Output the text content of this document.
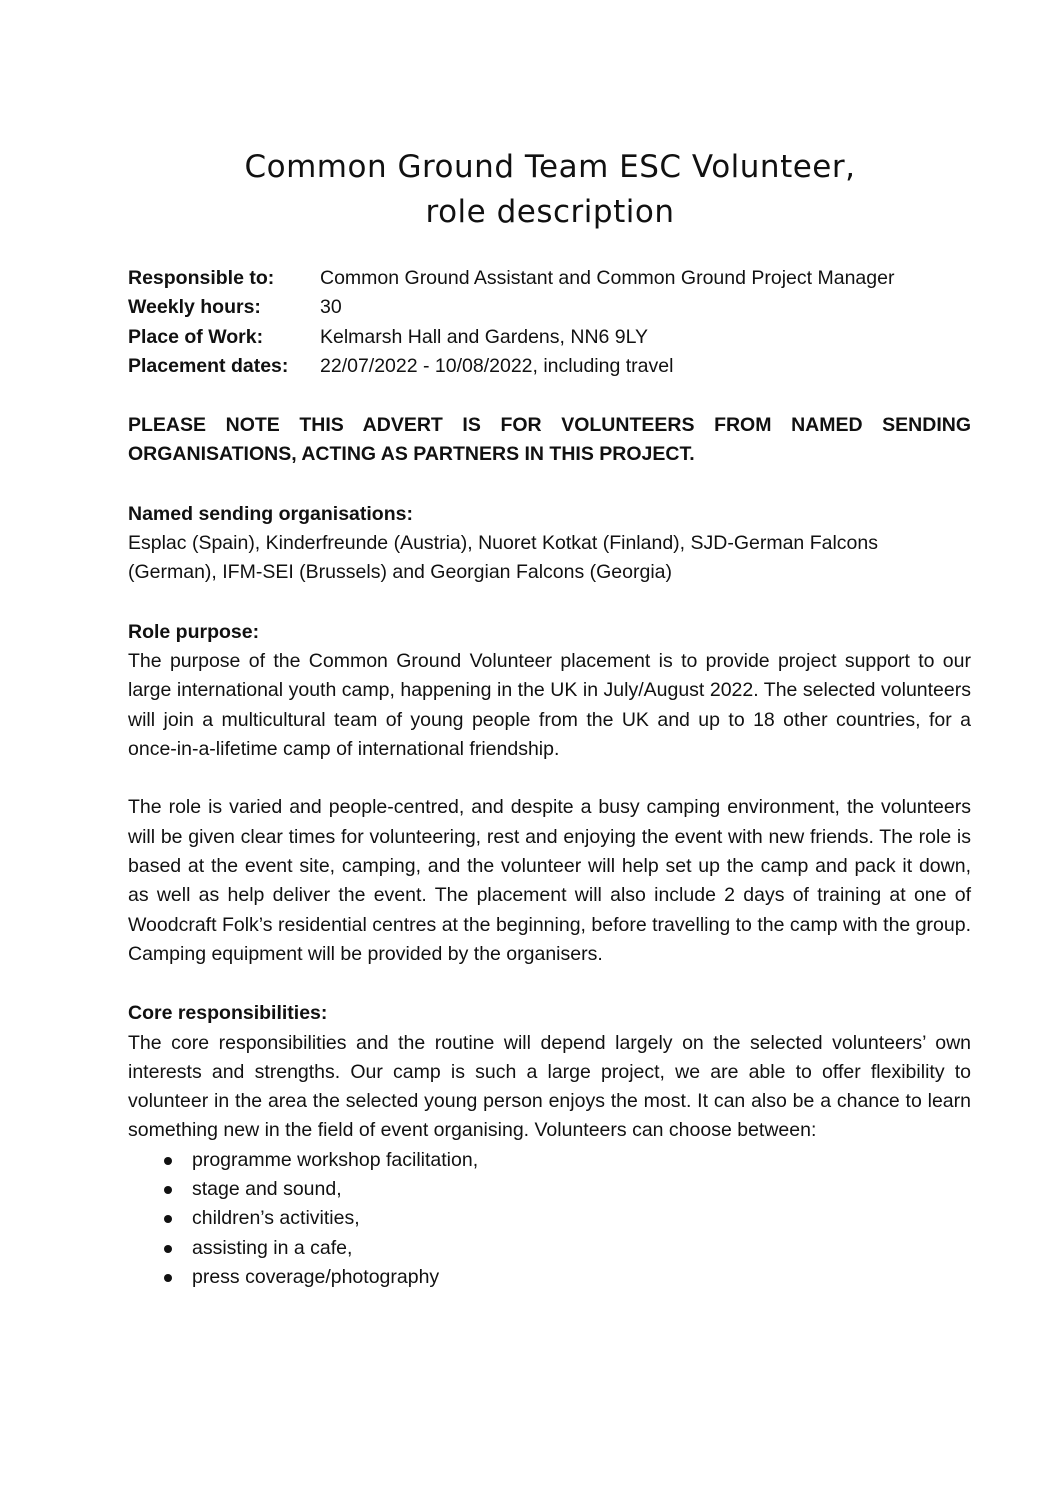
Common Ground Team ESC Volunteer,
role description
Responsible to:	Common Ground Assistant and Common Ground Project Manager
Weekly hours:	30
Place of Work:	Kelmarsh Hall and Gardens, NN6 9LY
Placement dates:	22/07/2022 - 10/08/2022, including travel
PLEASE NOTE THIS ADVERT IS FOR VOLUNTEERS FROM NAMED SENDING ORGANISATIONS, ACTING AS PARTNERS IN THIS PROJECT.
Named sending organisations:

Esplac (Spain), Kinderfreunde (Austria), Nuoret Kotkat (Finland), SJD-German Falcons (German), IFM-SEI (Brussels) and Georgian Falcons (Georgia)

Role purpose:

The purpose of the Common Ground Volunteer placement is to provide project support to our large international youth camp, happening in the UK in July/August 2022. The selected volunteers will join a multicultural team of young people from the UK and up to 18 other countries, for a once-in-a-lifetime camp of international friendship.

The role is varied and people-centred, and despite a busy camping environment, the volunteers will be given clear times for volunteering, rest and enjoying the event with new friends. The role is based at the event site, camping, and the volunteer will help set up the camp and pack it down, as well as help deliver the event. The placement will also include 2 days of training at one of Woodcraft Folk’s residential centres at the beginning, before travelling to the camp with the group. Camping equipment will be provided by the organisers.

Core responsibilities:

The core responsibilities and the routine will depend largely on the selected volunteers’ own interests and strengths. Our camp is such a large project, we are able to offer flexibility to volunteer in the area the selected young person enjoys the most. It can also be a chance to learn something new in the field of event organising. Volunteers can choose between:

programme workshop facilitation,
stage and sound,
children’s activities,
assisting in a cafe,
press coverage/photography
